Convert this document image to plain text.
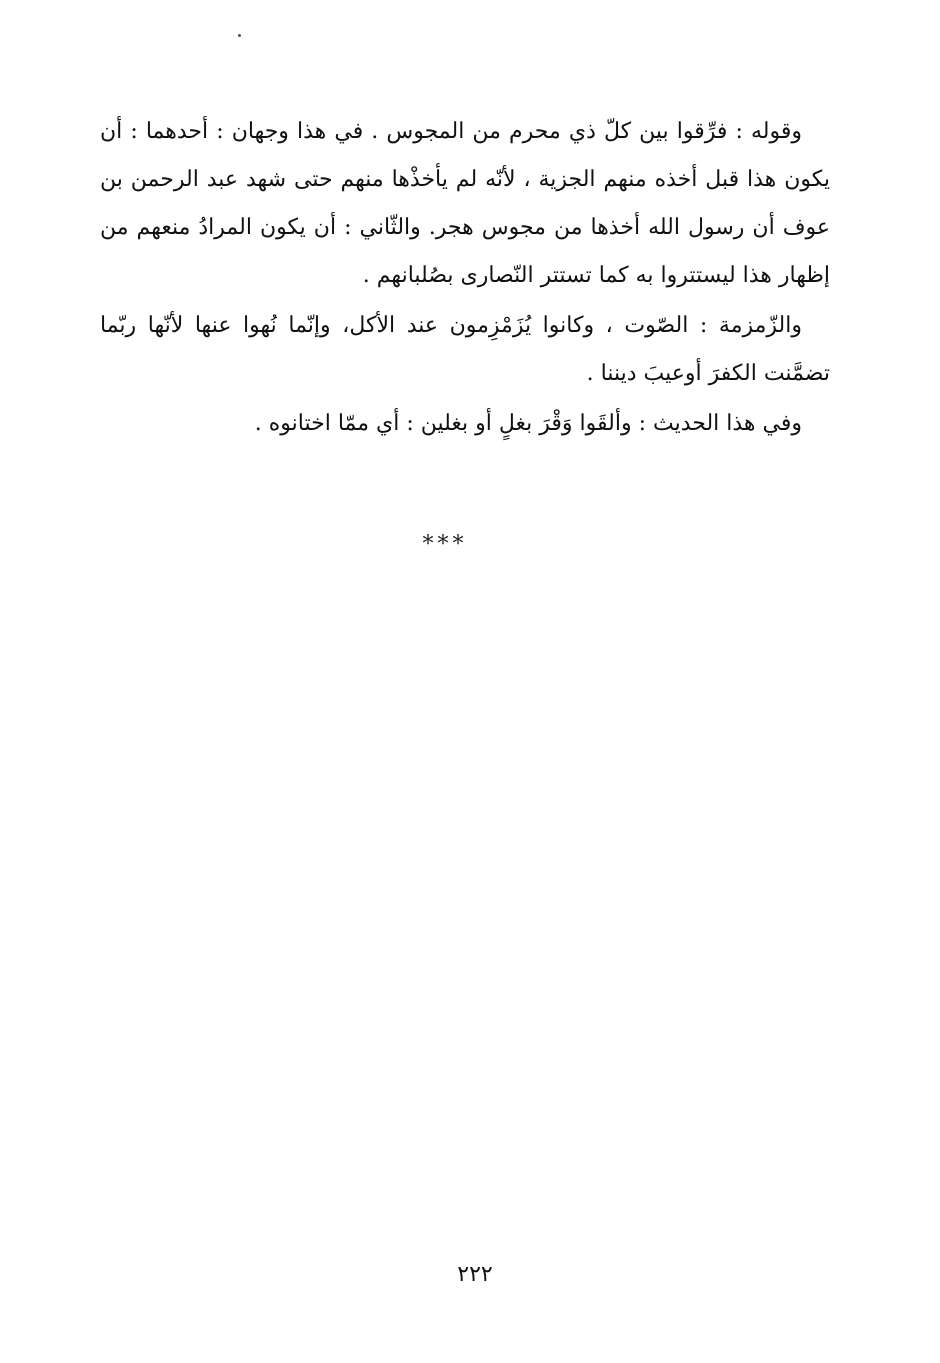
وقوله : فرِّقوا بين كلّ ذي محرم من المجوس . في هذا وجهان : أحدهما : أن يكون هذا قبل أخذه منهم الجزية ، لأنّه لم يأخذْها منهم حتى شهد عبد الرحمن بن عوف أن رسول الله أخذها من مجوس هجر. والثّاني : أن يكون المرادُ منعهم من إظهار هذا ليستتروا به كما تستتر النّصارى بصُلبانهم .

والزّمزمة : الصّوت ، وكانوا يُزَمْزِمون عند الأكل، وإنّما نُهوا عنها لأنّها ربّما تضمَّنت الكفرَ أوعيبَ ديننا .

وفي هذا الحديث : وألقَوا وَقْرَ بغلٍ أو بغلين : أي ممّا اختانوه .

***
٢٢٢
